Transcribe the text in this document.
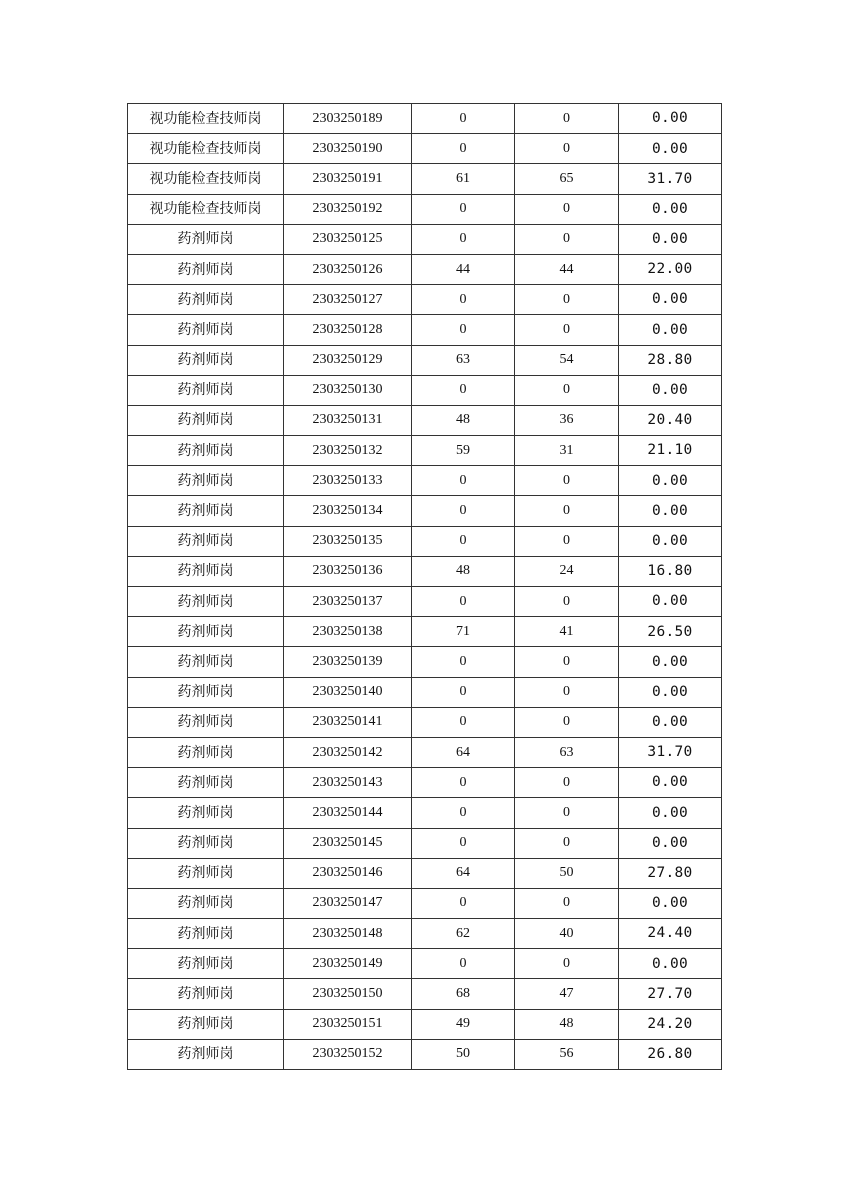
视功能检查技师岗	2303250189	0	0	0.00
视功能检查技师岗	2303250190	0	0	0.00
视功能检查技师岗	2303250191	61	65	31.70
视功能检查技师岗	2303250192	0	0	0.00
药剂师岗	2303250125	0	0	0.00
药剂师岗	2303250126	44	44	22.00
药剂师岗	2303250127	0	0	0.00
药剂师岗	2303250128	0	0	0.00
药剂师岗	2303250129	63	54	28.80
药剂师岗	2303250130	0	0	0.00
药剂师岗	2303250131	48	36	20.40
药剂师岗	2303250132	59	31	21.10
药剂师岗	2303250133	0	0	0.00
药剂师岗	2303250134	0	0	0.00
药剂师岗	2303250135	0	0	0.00
药剂师岗	2303250136	48	24	16.80
药剂师岗	2303250137	0	0	0.00
药剂师岗	2303250138	71	41	26.50
药剂师岗	2303250139	0	0	0.00
药剂师岗	2303250140	0	0	0.00
药剂师岗	2303250141	0	0	0.00
药剂师岗	2303250142	64	63	31.70
药剂师岗	2303250143	0	0	0.00
药剂师岗	2303250144	0	0	0.00
药剂师岗	2303250145	0	0	0.00
药剂师岗	2303250146	64	50	27.80
药剂师岗	2303250147	0	0	0.00
药剂师岗	2303250148	62	40	24.40
药剂师岗	2303250149	0	0	0.00
药剂师岗	2303250150	68	47	27.70
药剂师岗	2303250151	49	48	24.20
药剂师岗	2303250152	50	56	26.80
